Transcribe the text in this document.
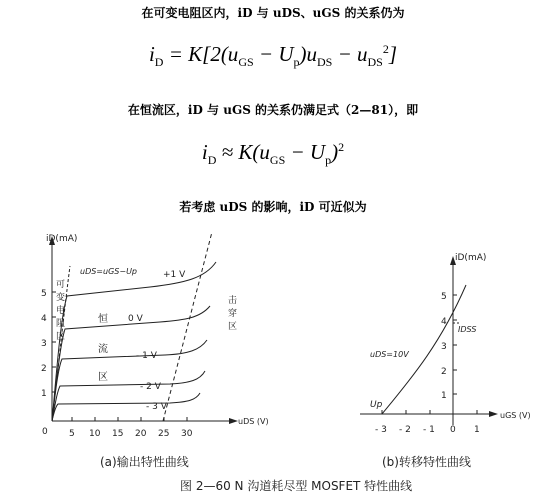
在可变电阻区内，iD 与 uDS、uGS 的关系仍为
$i_D = K[2(u_{GS} - U_p)u_{DS} - u_{DS}^2]$
在恒流区，iD 与 uGS 的关系仍满足式（2—81），即
$i_D \approx K(u_{GS} - U_p)^2$
若考虑 uDS 的影响，iD 可近似为
iD(mA)
uDS (V)
1
2
3
4
5
0 5 10 15 20 25 30
uDS=uGS−Up	+1 V
0 V
- 1 V
- 2 V
- 3 V
可
变
电
阻
区
恒
流
区
击
穿
区
(a)输出特性曲线
iD(mA)
uGS (V)
1
2
3
4
5
- 3 - 2 - 1 0 1
IDSS
uDS=10V
Up
(b)转移特性曲线
图 2—60 N 沟道耗尽型 MOSFET 特性曲线
